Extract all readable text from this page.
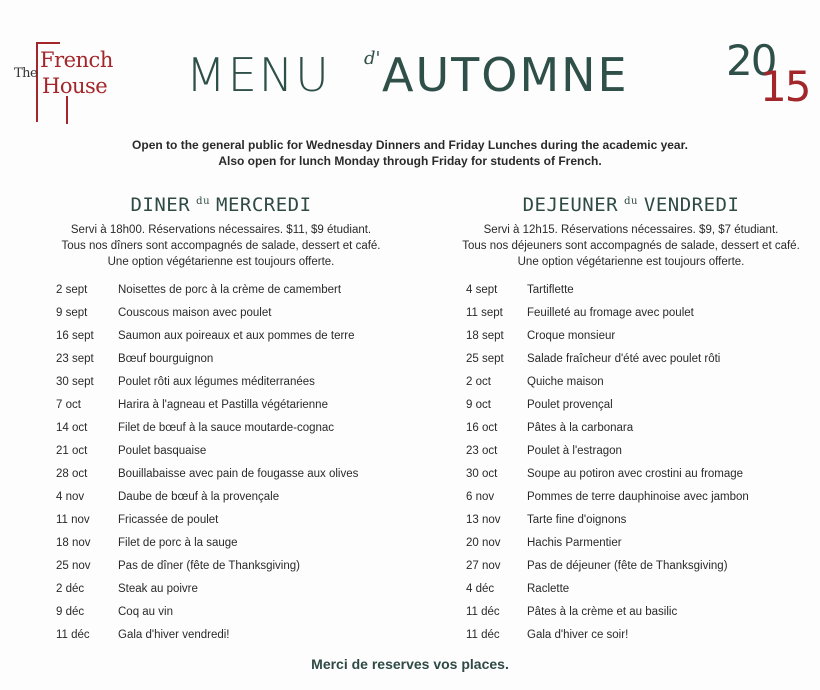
The
French
House MENU d' AUTOMNE 20
15
Open to the general public for Wednesday Dinners and Friday Lunches during the academic year.
Also open for lunch Monday through Friday for students of French.
DINER $^{du}$ MERCREDI
Servi à 18h00. Réservations nécessaires. $11, $9 étudiant.
Tous nos dîners sont accompagnés de salade, dessert et café.
Une option végétarienne est toujours offerte.
2 sept	Noisettes de porc à la crème de camembert
9 sept	Couscous maison avec poulet
16 sept	Saumon aux poireaux et aux pommes de terre
23 sept	Bœuf bourguignon
30 sept	Poulet rôti aux légumes méditerranées
7 oct	Harira à l'agneau et Pastilla végétarienne
14 oct	Filet de bœuf à la sauce moutarde-cognac
21 oct	Poulet basquaise
28 oct	Bouillabaisse avec pain de fougasse aux olives
4 nov	Daube de bœuf à la provençale
11 nov	Fricassée de poulet
18 nov	Filet de porc à la sauge
25 nov	Pas de dîner (fête de Thanksgiving)
2 déc	Steak au poivre
9 déc	Coq au vin
11 déc	Gala d'hiver vendredi!
DEJEUNER $^{du}$ VENDREDI
Servi à 12h15. Réservations nécessaires. $9, $7 étudiant.
Tous nos déjeuners sont accompagnés de salade, dessert et café.
Une option végétarienne est toujours offerte.
4 sept	Tartiflette
11 sept	Feuilleté au fromage avec poulet
18 sept	Croque monsieur
25 sept	Salade fraîcheur d'été avec poulet rôti
2 oct	Quiche maison
9 oct	Poulet provençal
16 oct	Pâtes à la carbonara
23 oct	Poulet à l'estragon
30 oct	Soupe au potiron avec crostini au fromage
6 nov	Pommes de terre dauphinoise avec jambon
13 nov	Tarte fine d'oignons
20 nov	Hachis Parmentier
27 nov	Pas de déjeuner (fête de Thanksgiving)
4 déc	Raclette
11 déc	Pâtes à la crème et au basilic
11 déc	Gala d'hiver ce soir!
Merci de reserves vos places.
